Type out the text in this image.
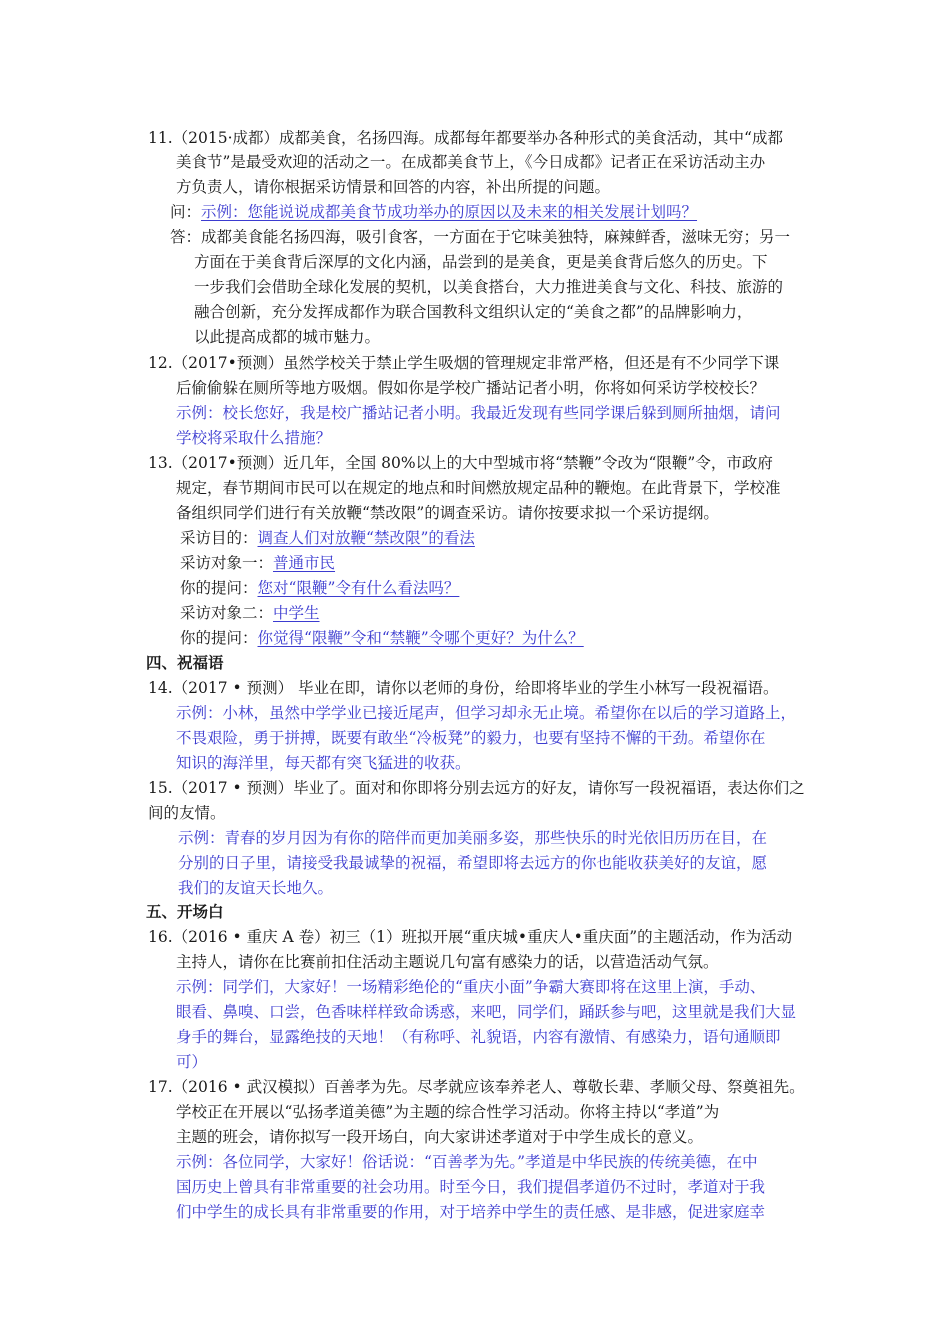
11.（2015·成都）成都美食，名扬四海。成都每年都要举办各种形式的美食活动，其中“成都
美食节”是最受欢迎的活动之一。在成都美食节上，《今日成都》记者正在采访活动主办
方负责人，请你根据采访情景和回答的内容，补出所提的问题。
问：示例：您能说说成都美食节成功举办的原因以及未来的相关发展计划吗？
答：成都美食能名扬四海，吸引食客，一方面在于它味美独特，麻辣鲜香，滋味无穷；另一
方面在于美食背后深厚的文化内涵，品尝到的是美食，更是美食背后悠久的历史。下
一步我们会借助全球化发展的契机，以美食搭台，大力推进美食与文化、科技、旅游的
融合创新，充分发挥成都作为联合国教科文组织认定的“美食之都”的品牌影响力，
以此提高成都的城市魅力。
12.（2017•预测）虽然学校关于禁止学生吸烟的管理规定非常严格，但还是有不少同学下课
后偷偷躲在厕所等地方吸烟。假如你是学校广播站记者小明，你将如何采访学校校长？
示例：校长您好，我是校广播站记者小明。我最近发现有些同学课后躲到厕所抽烟，请问
学校将采取什么措施？
13.（2017•预测）近几年，全国 80%以上的大中型城市将“禁鞭”令改为“限鞭”令，市政府
规定，春节期间市民可以在规定的地点和时间燃放规定品种的鞭炮。在此背景下，学校准
备组织同学们进行有关放鞭“禁改限”的调查采访。请你按要求拟一个采访提纲。
采访目的：调查人们对放鞭“禁改限”的看法
采访对象一：普通市民
你的提问：您对“限鞭”令有什么看法吗？
采访对象二：中学生
你的提问：你觉得“限鞭”令和“禁鞭”令哪个更好？为什么？
四、祝福语
14.（2017 • 预测） 毕业在即，请你以老师的身份，给即将毕业的学生小林写一段祝福语。
示例：小林，虽然中学学业已接近尾声，但学习却永无止境。希望你在以后的学习道路上，
不畏艰险，勇于拼搏，既要有敢坐“冷板凳”的毅力，也要有坚持不懈的干劲。希望你在
知识的海洋里，每天都有突飞猛进的收获。
15.（2017 • 预测）毕业了。面对和你即将分别去远方的好友，请你写一段祝福语，表达你们之
间的友情。
示例：青春的岁月因为有你的陪伴而更加美丽多姿，那些快乐的时光依旧历历在目，在
分别的日子里，请接受我最诚挚的祝福，希望即将去远方的你也能收获美好的友谊，愿
我们的友谊天长地久。
五、开场白
16.（2016 • 重庆 A 卷）初三（1）班拟开展“重庆城•重庆人•重庆面”的主题活动，作为活动
主持人，请你在比赛前扣住活动主题说几句富有感染力的话，以营造活动气氛。
示例：同学们，大家好！一场精彩绝伦的“重庆小面”争霸大赛即将在这里上演，手动、
眼看、鼻嗅、口尝，色香味样样致命诱惑，来吧，同学们，踊跃参与吧，这里就是我们大显
身手的舞台，显露绝技的天地！（有称呼、礼貌语，内容有激情、有感染力，语句通顺即
可）
17.（2016 • 武汉模拟）百善孝为先。尽孝就应该奉养老人、尊敬长辈、孝顺父母、祭奠祖先。
学校正在开展以“弘扬孝道美德”为主题的综合性学习活动。你将主持以“孝道”为
主题的班会，请你拟写一段开场白，向大家讲述孝道对于中学生成长的意义。
示例：各位同学，大家好！俗话说：“百善孝为先。”孝道是中华民族的传统美德，在中
国历史上曾具有非常重要的社会功用。时至今日，我们提倡孝道仍不过时，孝道对于我
们中学生的成长具有非常重要的作用，对于培养中学生的责任感、是非感，促进家庭幸
